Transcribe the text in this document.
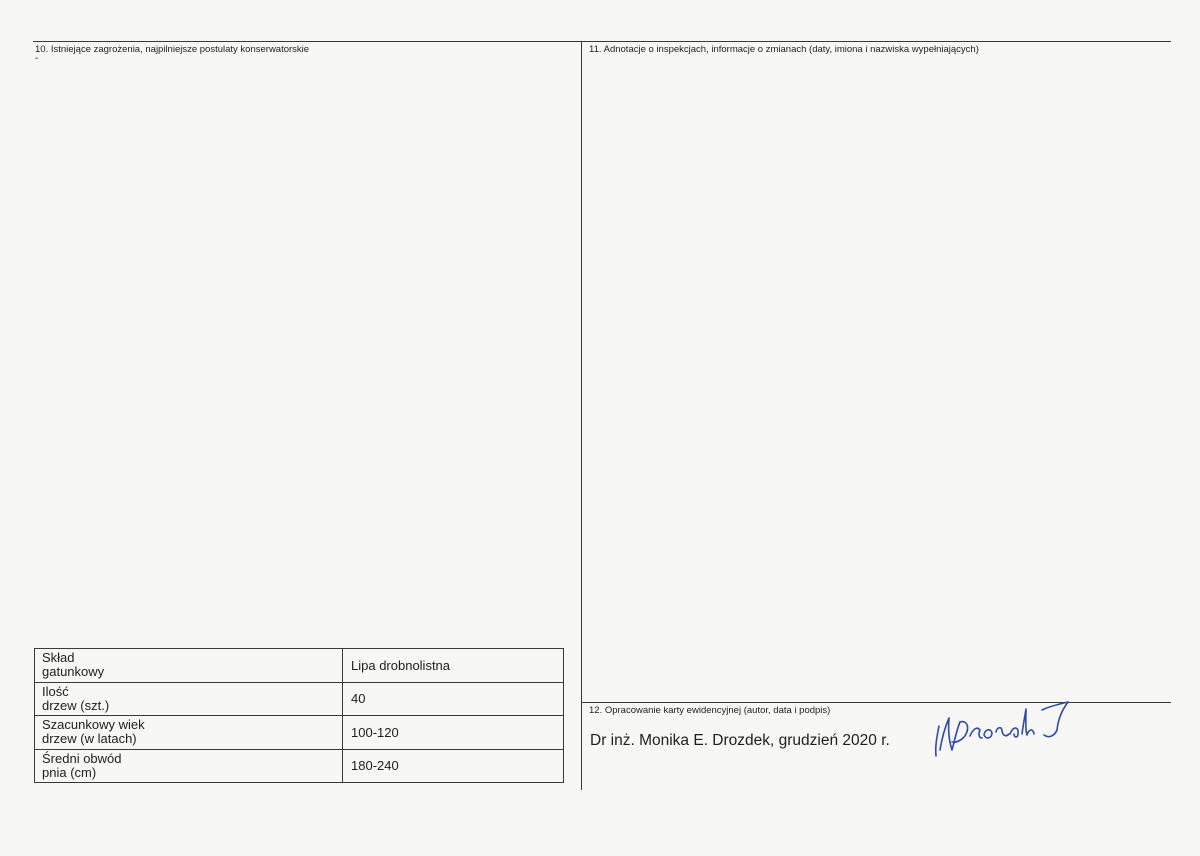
10. Istniejące zagrożenia, najpilniejsze postulaty konserwatorskie
-
11. Adnotacje o inspekcjach, informacje o zmianach (daty, imiona i nazwiska wypełniających)
Skład
gatunkowy	Lipa drobnolistna

Ilość
drzew (szt.)	40

Szacunkowy wiek
drzew (w latach)	100-120

Średni obwód
pnia (cm)	180-240
12. Opracowanie karty ewidencyjnej (autor, data i podpis)
Dr inż. Monika E. Drozdek, grudzień 2020 r.
